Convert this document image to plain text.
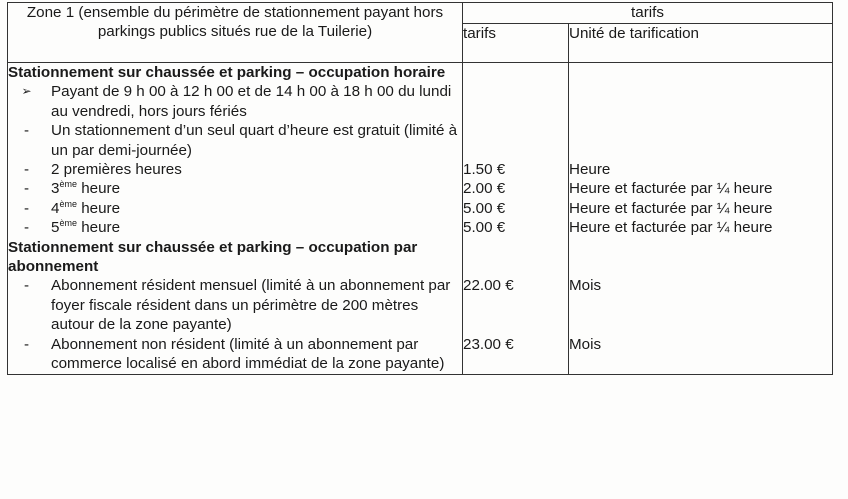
Zone 1 (ensemble du périmètre de stationnement payant hors parkings publics situés rue de la Tuilerie)	tarifs	
	tarifs	Unité de tarification
Stationnement sur chaussée et parking – occupation horaire		

➢ Payant de 9 h 00 à 12 h 00 et de 14 h 00 à 18 h 00 du lundi au vendredi, hors jours fériés		

- Un stationnement d’un seul quart d’heure est gratuit (limité à un par demi-journée)		

- 2 premières heures	1.50 €	Heure

- 3ème heure	2.00 €	Heure et facturée par ¼ heure

- 4ème heure	5.00 €	Heure et facturée par ¼ heure

- 5ème heure	5.00 €	Heure et facturée par ¼ heure
Stationnement sur chaussée et parking – occupation par abonnement		

- Abonnement résident mensuel (limité à un abonnement par foyer fiscale résident dans un périmètre de 200 mètres autour de la zone payante)	22.00 €	Mois

- Abonnement non résident (limité à un abonnement par commerce localisé en abord immédiat de la zone payante)	23.00 €	Mois
